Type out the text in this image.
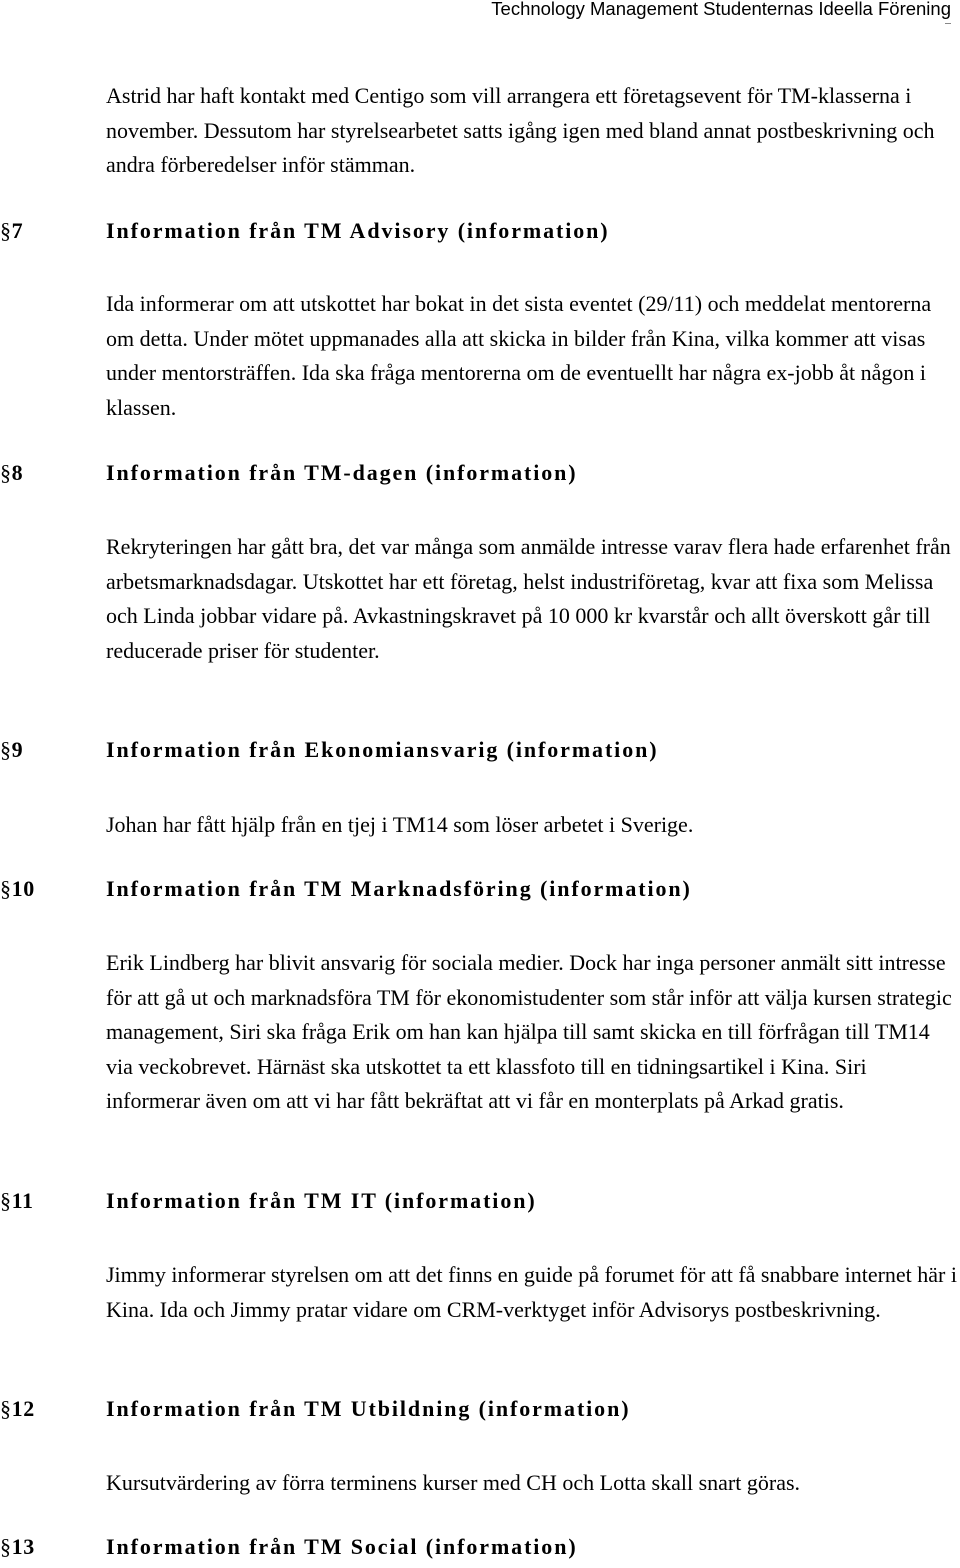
Technology Management Studenternas Ideella Förening

Astrid har haft kontakt med Centigo som vill arrangera ett företagsevent för TM-klasserna i november. Dessutom har styrelsearbetet satts igång igen med bland annat postbeskrivning och andra förberedelser inför stämman.

§7	Information från TM Advisory (information)

Ida informerar om att utskottet har bokat in det sista eventet (29/11) och meddelat mentorerna om detta. Under mötet uppmanades alla att skicka in bilder från Kina, vilka kommer att visas under mentorsträffen. Ida ska fråga mentorerna om de eventuellt har några ex-jobb åt någon i klassen.

§8	Information från TM-dagen (information)

Rekryteringen har gått bra, det var många som anmälde intresse varav flera hade erfarenhet från arbetsmarknadsdagar. Utskottet har ett företag, helst industriföretag, kvar att fixa som Melissa och Linda jobbar vidare på. Avkastningskravet på 10 000 kr kvarstår och allt överskott går till reducerade priser för studenter.

§9	Information från Ekonomiansvarig (information)

Johan har fått hjälp från en tjej i TM14 som löser arbetet i Sverige.

§10	Information från TM Marknadsföring (information)

Erik Lindberg har blivit ansvarig för sociala medier. Dock har inga personer anmält sitt intresse för att gå ut och marknadsföra TM för ekonomistudenter som står inför att välja kursen strategic management, Siri ska fråga Erik om han kan hjälpa till samt skicka en till förfrågan till TM14 via veckobrevet. Härnäst ska utskottet ta ett klassfoto till en tidningsartikel i Kina. Siri informerar även om att vi har fått bekräftat att vi får en monterplats på Arkad gratis.

§11	Information från TM IT (information)

Jimmy informerar styrelsen om att det finns en guide på forumet för att få snabbare internet här i Kina. Ida och Jimmy pratar vidare om CRM-verktyget inför Advisorys postbeskrivning.

§12	Information från TM Utbildning (information)

Kursutvärdering av förra terminens kurser med CH och Lotta skall snart göras.

§13	Information från TM Social (information)
